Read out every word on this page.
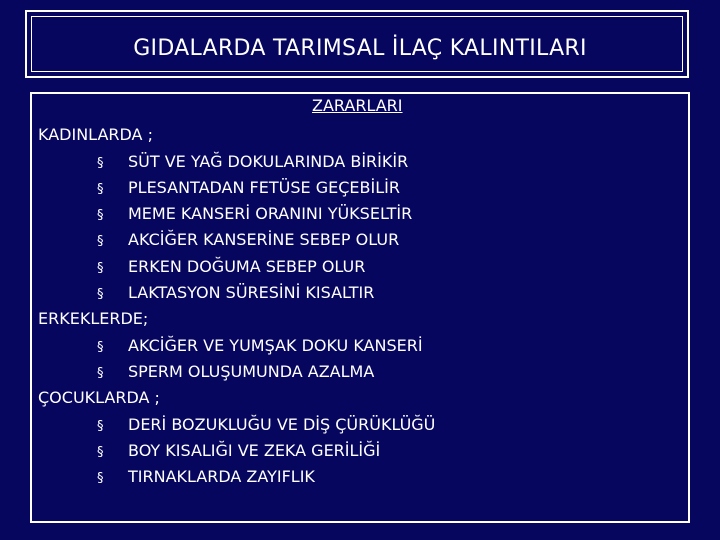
GIDALARDA TARIMSAL İLAÇ KALINTILARI
ZARARLARI
KADINLARDA ;
§ SÜT VE YAĞ DOKULARINDA BİRİKİR
§ PLESANTADAN FETÜSE GEÇEBİLİR
§ MEME KANSERİ ORANINI YÜKSELTİR
§ AKCİĞER KANSERİNE SEBEP OLUR
§ ERKEN DOĞUMA SEBEP OLUR
§ LAKTASYON SÜRESİNİ KISALTIR
ERKEKLERDE;
§ AKCİĞER VE YUMŞAK DOKU KANSERİ
§ SPERM OLUŞUMUNDA AZALMA
ÇOCUKLARDA ;
§ DERİ BOZUKLUĞU VE DİŞ ÇÜRÜKLÜĞÜ
§ BOY KISALIĞI VE ZEKA GERİLİĞİ
§ TIRNAKLARDA ZAYIFLIK
